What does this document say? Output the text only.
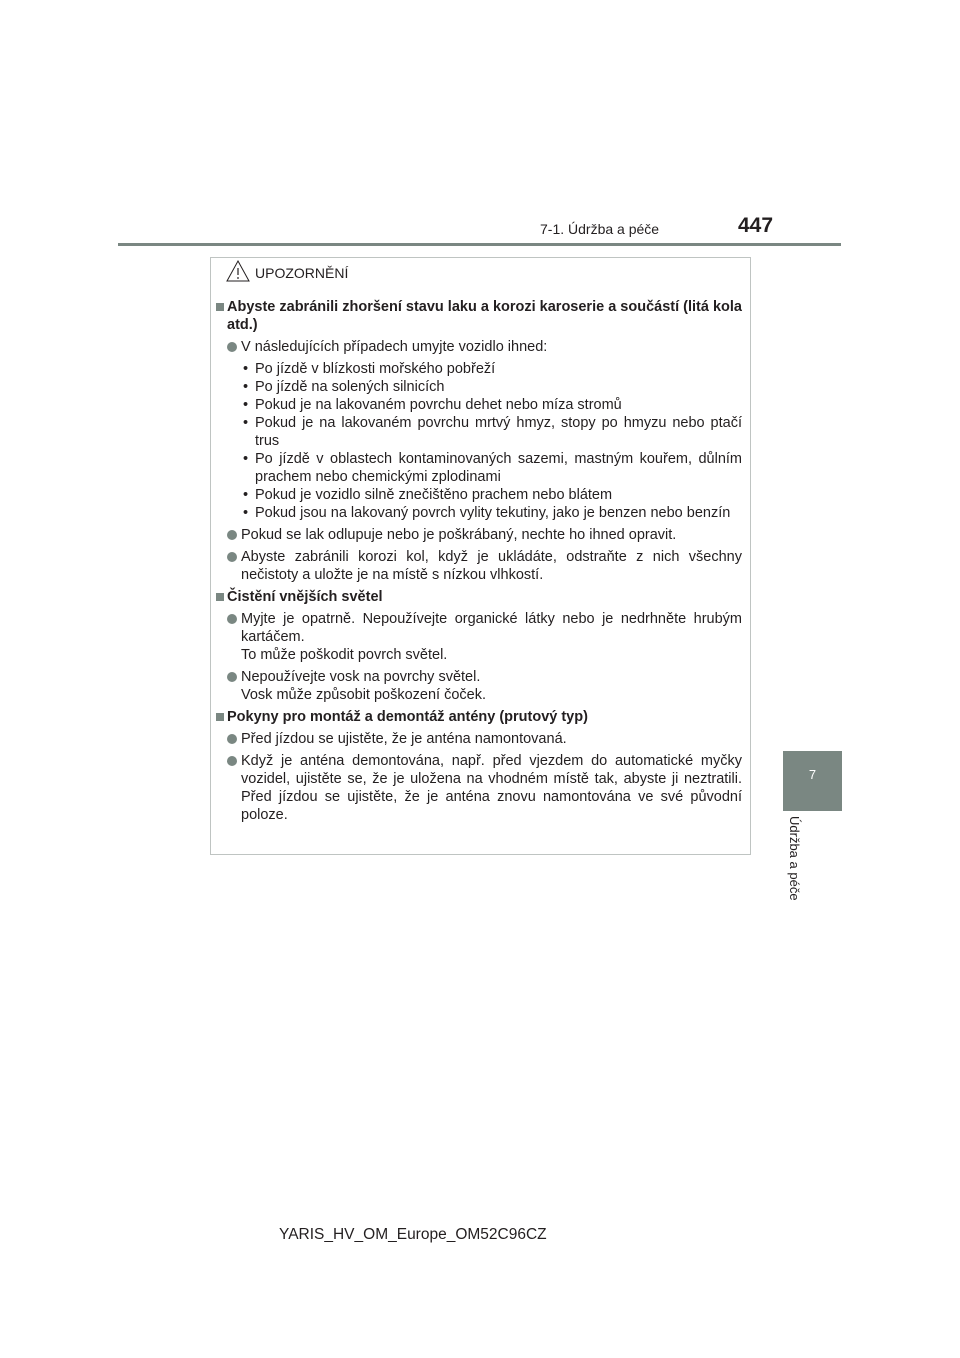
7-1. Údržba a péče	447
7
Údržba a péče
UPOZORNĚNÍ
Abyste zabránili zhoršení stavu laku a korozi karoserie a součástí (litá kola atd.)
V následujících případech umyjte vozidlo ihned:
• Po jízdě v blízkosti mořského pobřeží
• Po jízdě na solených silnicích
• Pokud je na lakovaném povrchu dehet nebo míza stromů
• Pokud je na lakovaném povrchu mrtvý hmyz, stopy po hmyzu nebo ptačí trus
• Po jízdě v oblastech kontaminovaných sazemi, mastným kouřem, důlním prachem nebo chemickými zplodinami
• Pokud je vozidlo silně znečištěno prachem nebo blátem
• Pokud jsou na lakovaný povrch vylity tekutiny, jako je benzen nebo benzín
Pokud se lak odlupuje nebo je poškrábaný, nechte ho ihned opravit.
Abyste zabránili korozi kol, když je ukládáte, odstraňte z nich všechny nečistoty a uložte je na místě s nízkou vlhkostí.
Čistění vnějších světel
Myjte je opatrně. Nepoužívejte organické látky nebo je nedrhněte hrubým kartáčem.
To může poškodit povrch světel.
Nepoužívejte vosk na povrchy světel.
Vosk může způsobit poškození čoček.
Pokyny pro montáž a demontáž antény (prutový typ)
Před jízdou se ujistěte, že je anténa namontovaná.
Když je anténa demontována, např. před vjezdem do automatické myčky vozidel, ujistěte se, že je uložena na vhodném místě tak, abyste ji neztratili. Před jízdou se ujistěte, že je anténa znovu namontována ve své původní poloze.
YARIS_HV_OM_Europe_OM52C96CZ
